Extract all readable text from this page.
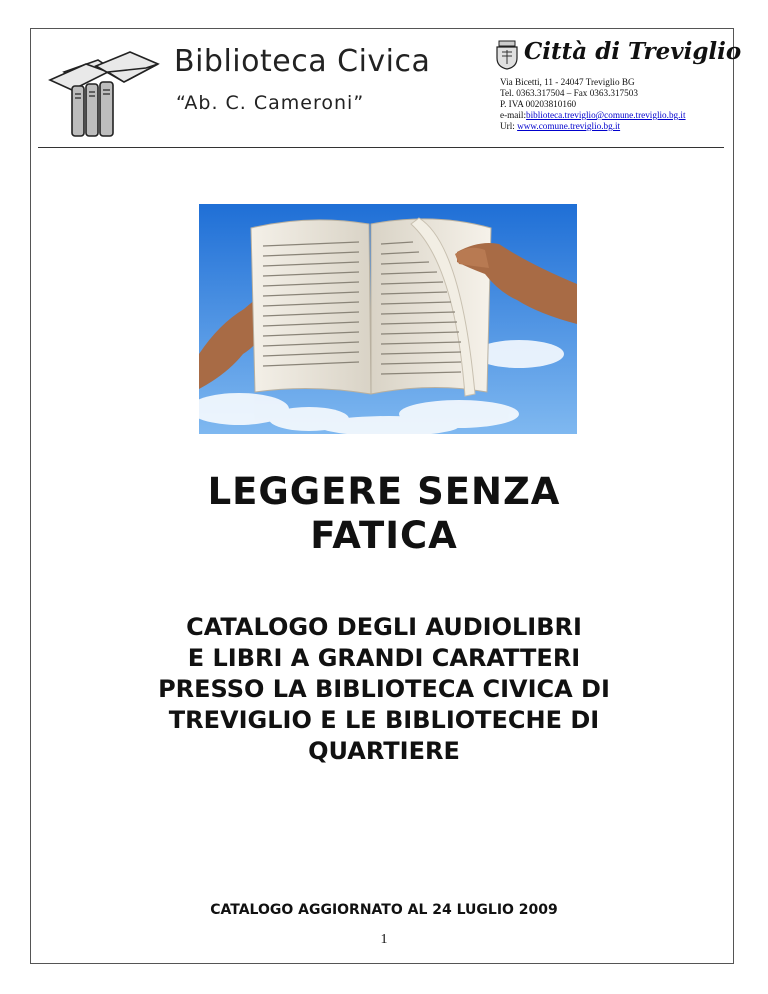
Biblioteca Civica
“Ab. C. Cameroni”
Città di Treviglio
Via Bicetti, 11 - 24047 Treviglio BG
Tel. 0363.317504 – Fax 0363.317503
P. IVA 00203810160
e-mail:biblioteca.treviglio@comune.treviglio.bg.it
Url: www.comune.treviglio.bg.it
LEGGERE SENZA
FATICA
CATALOGO DEGLI AUDIOLIBRI
E LIBRI A GRANDI CARATTERI
PRESSO LA BIBLIOTECA CIVICA DI
TREVIGLIO E LE BIBLIOTECHE DI
QUARTIERE
CATALOGO AGGIORNATO AL 24 LUGLIO 2009
1
